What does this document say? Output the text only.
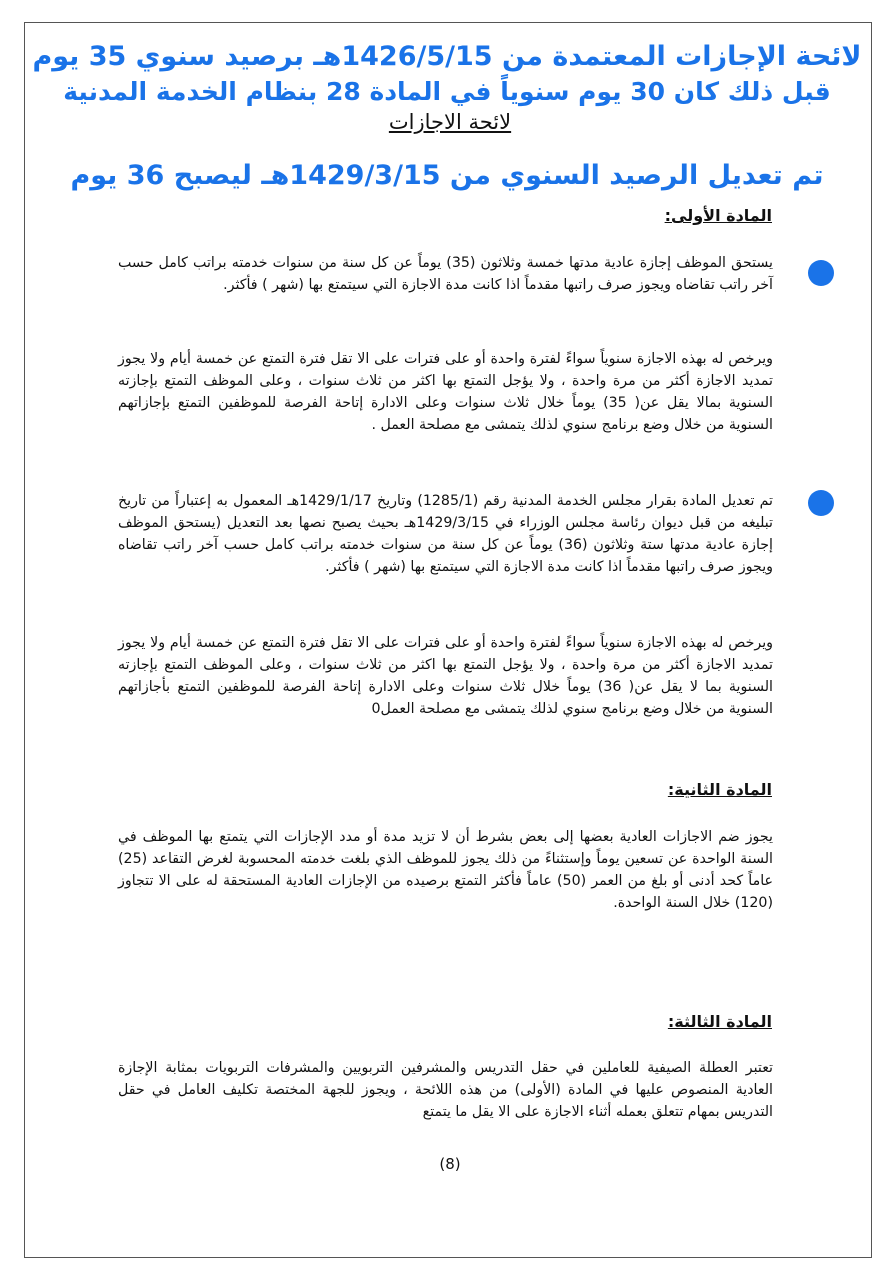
لائحة الإجازات المعتمدة من 1426/5/15هـ برصيد سنوي 35 يوم
قبل ذلك كان 30 يوم سنوياً في المادة 28 بنظام الخدمة المدنية
لائحة الاجازات
تم تعديل الرصيد السنوي من 1429/3/15هـ ليصبح 36 يوم
المادة الأولى:
يستحق الموظف إجازة عادية مدتها خمسة وثلاثون (35) يوماً عن كل سنة من سنوات خدمته براتب كامل حسب آخر راتب تقاضاه ويجوز صرف راتبها مقدماً اذا كانت مدة الاجازة التي سيتمتع بها (شهر ) فأكثر.
ويرخص له بهذه الاجازة سنوياً سواءً لفترة واحدة أو على فترات على الا تقل فترة التمتع عن خمسة أيام ولا يجوز تمديد الاجازة أكثر من مرة واحدة ، ولا يؤجل التمتع بها اكثر من ثلاث سنوات ، وعلى الموظف التمتع بإجازته السنوية بمالا يقل عن( 35) يوماً خلال ثلاث سنوات وعلى الادارة إتاحة الفرصة للموظفين التمتع بإجازاتهم السنوية من خلال وضع برنامج سنوي لذلك يتمشى مع مصلحة العمل .
تم تعديل المادة بقرار مجلس الخدمة المدنية رقم (1285/1) وتاريخ 1429/1/17هـ المعمول به إعتباراً من تاريخ تبليغه من قبل ديوان رئاسة مجلس الوزراء في 1429/3/15هـ بحيث يصبح نصها بعد التعديل (يستحق الموظف إجازة عادية مدتها ستة وثلاثون (36) يوماً عن كل سنة من سنوات خدمته براتب كامل حسب آخر راتب تقاضاه ويجوز صرف راتبها مقدماً اذا كانت مدة الاجازة التي سيتمتع بها (شهر ) فأكثر.
ويرخص له بهذه الاجازة سنوياً سواءً لفترة واحدة أو على فترات على الا تقل فترة التمتع عن خمسة أيام ولا يجوز تمديد الاجازة أكثر من مرة واحدة ، ولا يؤجل التمتع بها اكثر من ثلاث سنوات ، وعلى الموظف التمتع بإجازته السنوية بما لا يقل عن( 36) يوماً خلال ثلاث سنوات وعلى الادارة إتاحة الفرصة للموظفين التمتع بأجازاتهم السنوية من خلال وضع برنامج سنوي لذلك يتمشى مع مصلحة العمل0
المادة الثانية:
يجوز ضم الاجازات العادية بعضها إلى بعض بشرط أن لا تزيد مدة أو مدد الإجازات التي يتمتع بها الموظف في السنة الواحدة عن تسعين يوماً وإستثناءً من ذلك يجوز للموظف الذي بلغت خدمته المحسوبة لغرض التقاعد (25) عاماً كحد أدنى أو بلغ من العمر (50) عاماً فأكثر التمتع برصيده من الإجازات العادية المستحقة له على الا تتجاوز (120) خلال السنة الواحدة.
المادة الثالثة:
تعتبر العطلة الصيفية للعاملين في حقل التدريس والمشرفين التربويين والمشرفات التربويات بمثابة الإجازة العادية المنصوص عليها في المادة (الأولى) من هذه اللائحة ، ويجوز للجهة المختصة تكليف العامل في حقل التدريس بمهام تتعلق بعمله أثناء الاجازة على الا يقل ما يتمتع
(8)
